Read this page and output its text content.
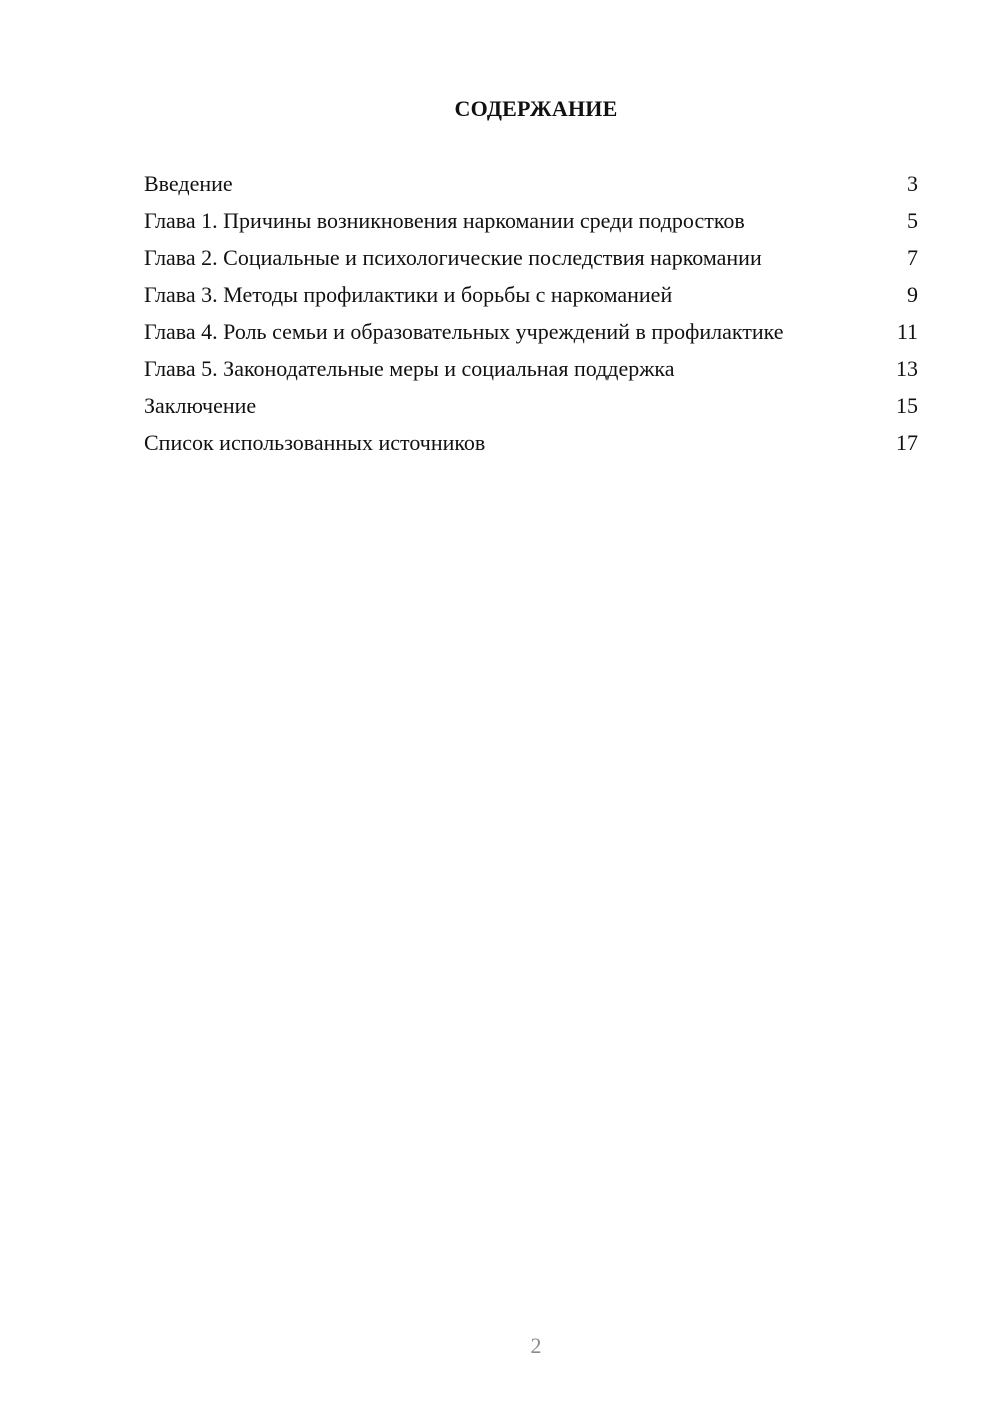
СОДЕРЖАНИЕ
Введение	3
Глава 1. Причины возникновения наркомании среди подростков	5
Глава 2. Социальные и психологические последствия наркомании	7
Глава 3. Методы профилактики и борьбы с наркоманией	9
Глава 4. Роль семьи и образовательных учреждений в профилактике	11
Глава 5. Законодательные меры и социальная поддержка	13
Заключение	15
Список использованных источников	17
2
